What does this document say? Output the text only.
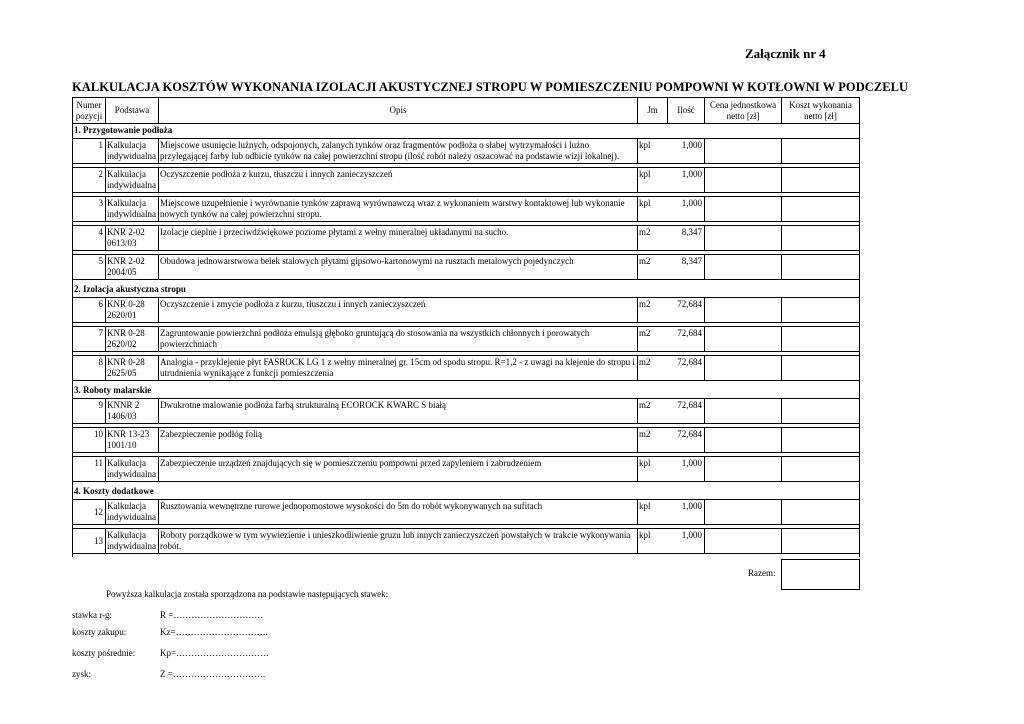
Załącznik nr 4
KALKULACJA KOSZTÓW WYKONANIA IZOLACJI AKUSTYCZNEJ STROPU W POMIESZCZENIU POMPOWNI W KOTŁOWNI W PODCZELU
Numer pozycji	Podstawa	Opis	Jm	Ilość	Cena jednostkowa netto [zł]	Koszt wykonania netto [zł]
1. Przygotowanie podłoża						
1	Kalkulacja indywidualna	Miejscowe usunięcie luźnych, odspojonych, zalanych tynków oraz fragmentów podłoża o słabej wytrzymałości i luźno przylegającej farby lub odbicie tynków na całej powierzchni stropu (ilość robót należy oszacować na podstawie wizji lokalnej).	kpl	1,000		

2	Kalkulacja indywidualna	Oczyszczenie podłoża z kurzu, tłuszczu i innych zanieczyszczeń	kpl	1,000		

3	Kalkulacja indywidualna	Miejscowe uzupełnienie i wyrównanie tynków zaprawą wyrównawczą wraz z wykonaniem warstwy kontaktowej lub wykonanie nowych tynków na całej powierzchni stropu.	kpl	1,000		

4	KNR 2-02 0613/03	Izolacje cieplne i przeciwdźwiękowe poziome płytami z wełny mineralnej układanymi na sucho.	m2	8,347		

5	KNR 2-02 2004/05	Obudowa jednowarstwowa belek stalowych płytami gipsowo-kartonowymi na rusztach metalowych pojedynczych	m2	8,347		

2. Izolacja akustyczna stropu						
6	KNR 0-28 2620/01	Oczyszczenie i zmycie podłoża z kurzu, tłuszczu i innych zanieczyszczeń	m2	72,684		

7	KNR 0-28 2620/02	Zagruntowanie powierzchni podłoża emulsją głęboko gruntującą do stosowania na wszystkich chłonnych i porowatych powierzchniach	m2	72,684		

8	KNR 0-28 2625/05	Analogia - przyklejenie płyt FASROCK LG 1 z wełny mineralnej gr. 15cm od spodu stropu. R=1,2 - z uwagi na klejenie do stropu i utrudnienia wynikające z funkcji pomieszczenia	m2	72,684		

3. Roboty malarskie						
9	KNNR 2 1406/03	Dwukrotne malowanie podłoża farbą strukturalną ECOROCK KWARC S białą	m2	72,684		

10	KNR 13-23 1001/10	Zabezpieczenie podłóg folią	m2	72,684		

11	Kalkulacja indywidualna	Zabezpieczenie urządzeń znajdujących się w pomieszczeniu pompowni przed zapyleniem i zabrudzeniem	kpl	1,000		

4. Koszty dodatkowe						
12	Kalkulacja indywidualna	Rusztowania wewnętrzne rurowe jednopomostowe wysokości do 5m do robót wykonywanych na sufitach	kpl	1,000		

13	Kalkulacja indywidualna	Roboty porządkowe w tym wywiezienie i unieszkodliwienie gruzu lub innych zanieczyszczeń powstałych w trakcie wykonywania robót.	kpl	1,000		

Razem:
Powyższa kalkulacja została sporządzona na podstawie następujących stawek:
stawka r-g:	R =…………………………
koszty zakupu:	Kz=………………………….
koszty pośrednie:	Kp=………………………….
zysk:	Z =………………………….
